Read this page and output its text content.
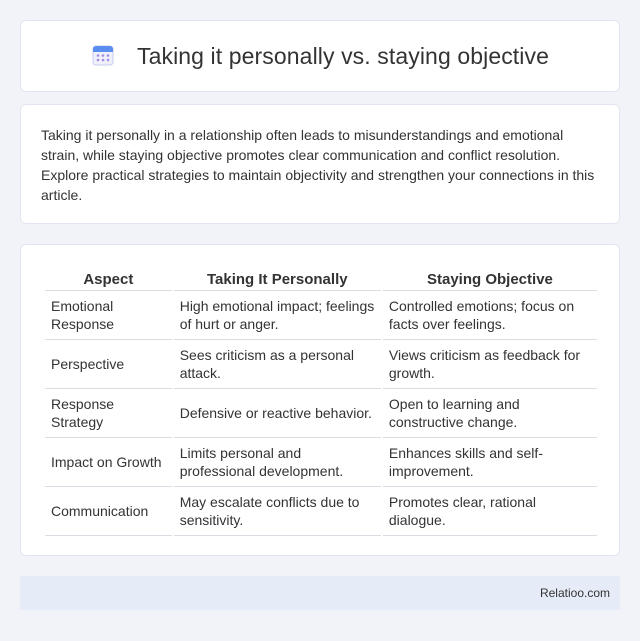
Taking it personally vs. staying objective

Taking it personally in a relationship often leads to misunderstandings and emotional strain, while staying objective promotes clear communication and conflict resolution. Explore practical strategies to maintain objectivity and strengthen your connections in this article.

Aspect	Taking It Personally	Staying Objective
Emotional Response	High emotional impact; feelings of hurt or anger.	Controlled emotions; focus on facts over feelings.
Perspective	Sees criticism as a personal attack.	Views criticism as feedback for growth.
Response Strategy	Defensive or reactive behavior.	Open to learning and constructive change.
Impact on Growth	Limits personal and professional development.	Enhances skills and self-improvement.
Communication	May escalate conflicts due to sensitivity.	Promotes clear, rational dialogue.
Relatioo.com
